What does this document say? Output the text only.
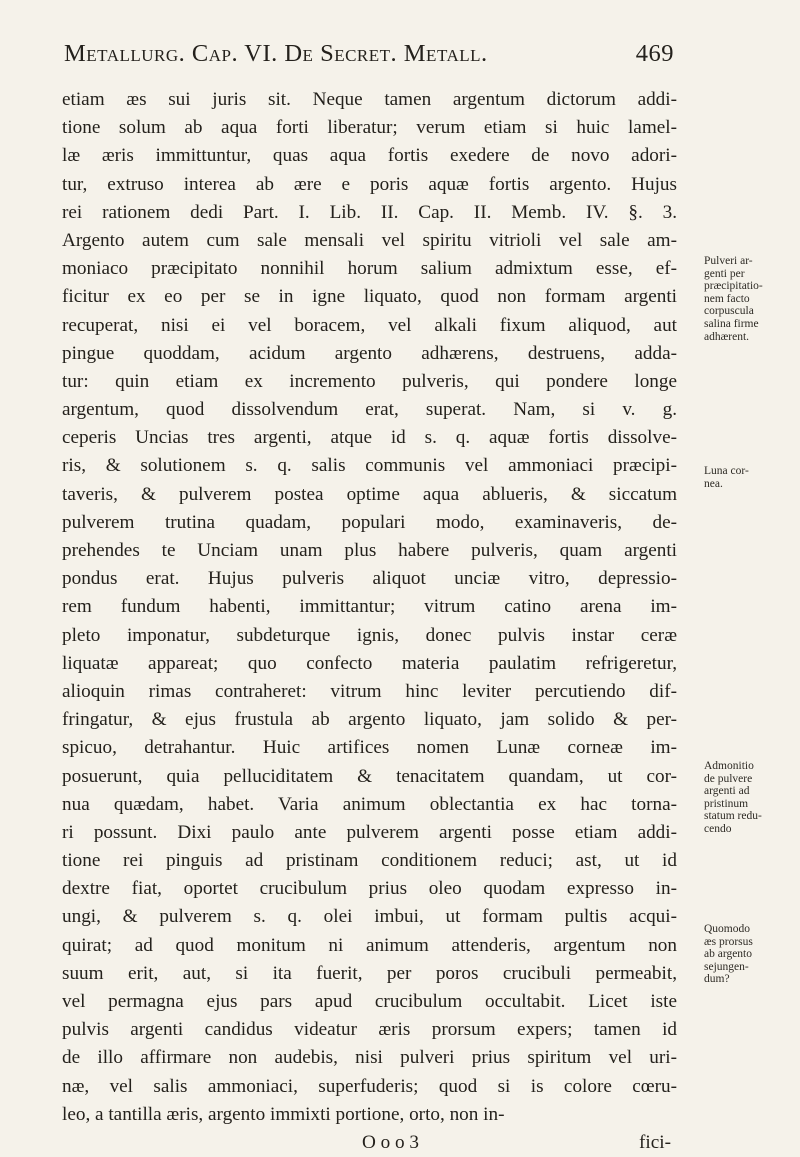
Metallurg. Cap. VI. De Secret. Metall.	469
etiam æs sui juris sit. Neque tamen argentum dictorum addi-
tione solum ab aqua forti liberatur; verum etiam si huic lamel-
læ æris immittuntur, quas aqua fortis exedere de novo adori-
tur, extruso interea ab ære e poris aquæ fortis argento. Hujus
rei rationem dedi Part. I. Lib. II. Cap. II. Memb. IV. §. 3.
Argento autem cum sale mensali vel spiritu vitrioli vel sale am-
moniaco præcipitato nonnihil horum salium admixtum esse, ef-
ficitur ex eo per se in igne liquato, quod non formam argenti
recuperat, nisi ei vel boracem, vel alkali fixum aliquod, aut
pingue quoddam, acidum argento adhærens, destruens, adda-
tur: quin etiam ex incremento pulveris, qui pondere longe
argentum, quod dissolvendum erat, superat. Nam, si v. g.
ceperis Uncias tres argenti, atque id s. q. aquæ fortis dissolve-
ris, & solutionem s. q. salis communis vel ammoniaci præcipi-
taveris, & pulverem postea optime aqua ablueris, & siccatum
pulverem trutina quadam, populari modo, examinaveris, de-
prehendes te Unciam unam plus habere pulveris, quam argenti
pondus erat. Hujus pulveris aliquot unciæ vitro, depressio-
rem fundum habenti, immittantur; vitrum catino arena im-
pleto imponatur, subdeturque ignis, donec pulvis instar ceræ
liquatæ appareat; quo confecto materia paulatim refrigeretur,
alioquin rimas contraheret: vitrum hinc leviter percutiendo dif-
fringatur, & ejus frustula ab argento liquato, jam solido & per-
spicuo, detrahantur. Huic artifices nomen Lunæ corneæ im-
posuerunt, quia pelluciditatem & tenacitatem quandam, ut cor-
nua quædam, habet. Varia animum oblectantia ex hac torna-
ri possunt. Dixi paulo ante pulverem argenti posse etiam addi-
tione rei pinguis ad pristinam conditionem reduci; ast, ut id
dextre fiat, oportet crucibulum prius oleo quodam expresso in-
ungi, & pulverem s. q. olei imbui, ut formam pultis acqui-
quirat; ad quod monitum ni animum attenderis, argentum non
suum erit, aut, si ita fuerit, per poros crucibuli permeabit,
vel permagna ejus pars apud crucibulum occultabit. Licet iste
pulvis argenti candidus videatur æris prorsum expers; tamen id
de illo affirmare non audebis, nisi pulveri prius spiritum vel uri-
næ, vel salis ammoniaci, superfuderis; quod si is colore cœru-
leo, a tantilla æris, argento immixti portione, orto, non in-
O o o 3	fici-
Pulveri ar-
genti per
præcipitatio-
nem facto
corpuscula
salina firme
adhærent.
Luna cor-
nea.
Admonitio
de pulvere
argenti ad
pristinum
statum redu-
cendo
Quomodo
æs prorsus
ab argento
sejungen-
dum?
